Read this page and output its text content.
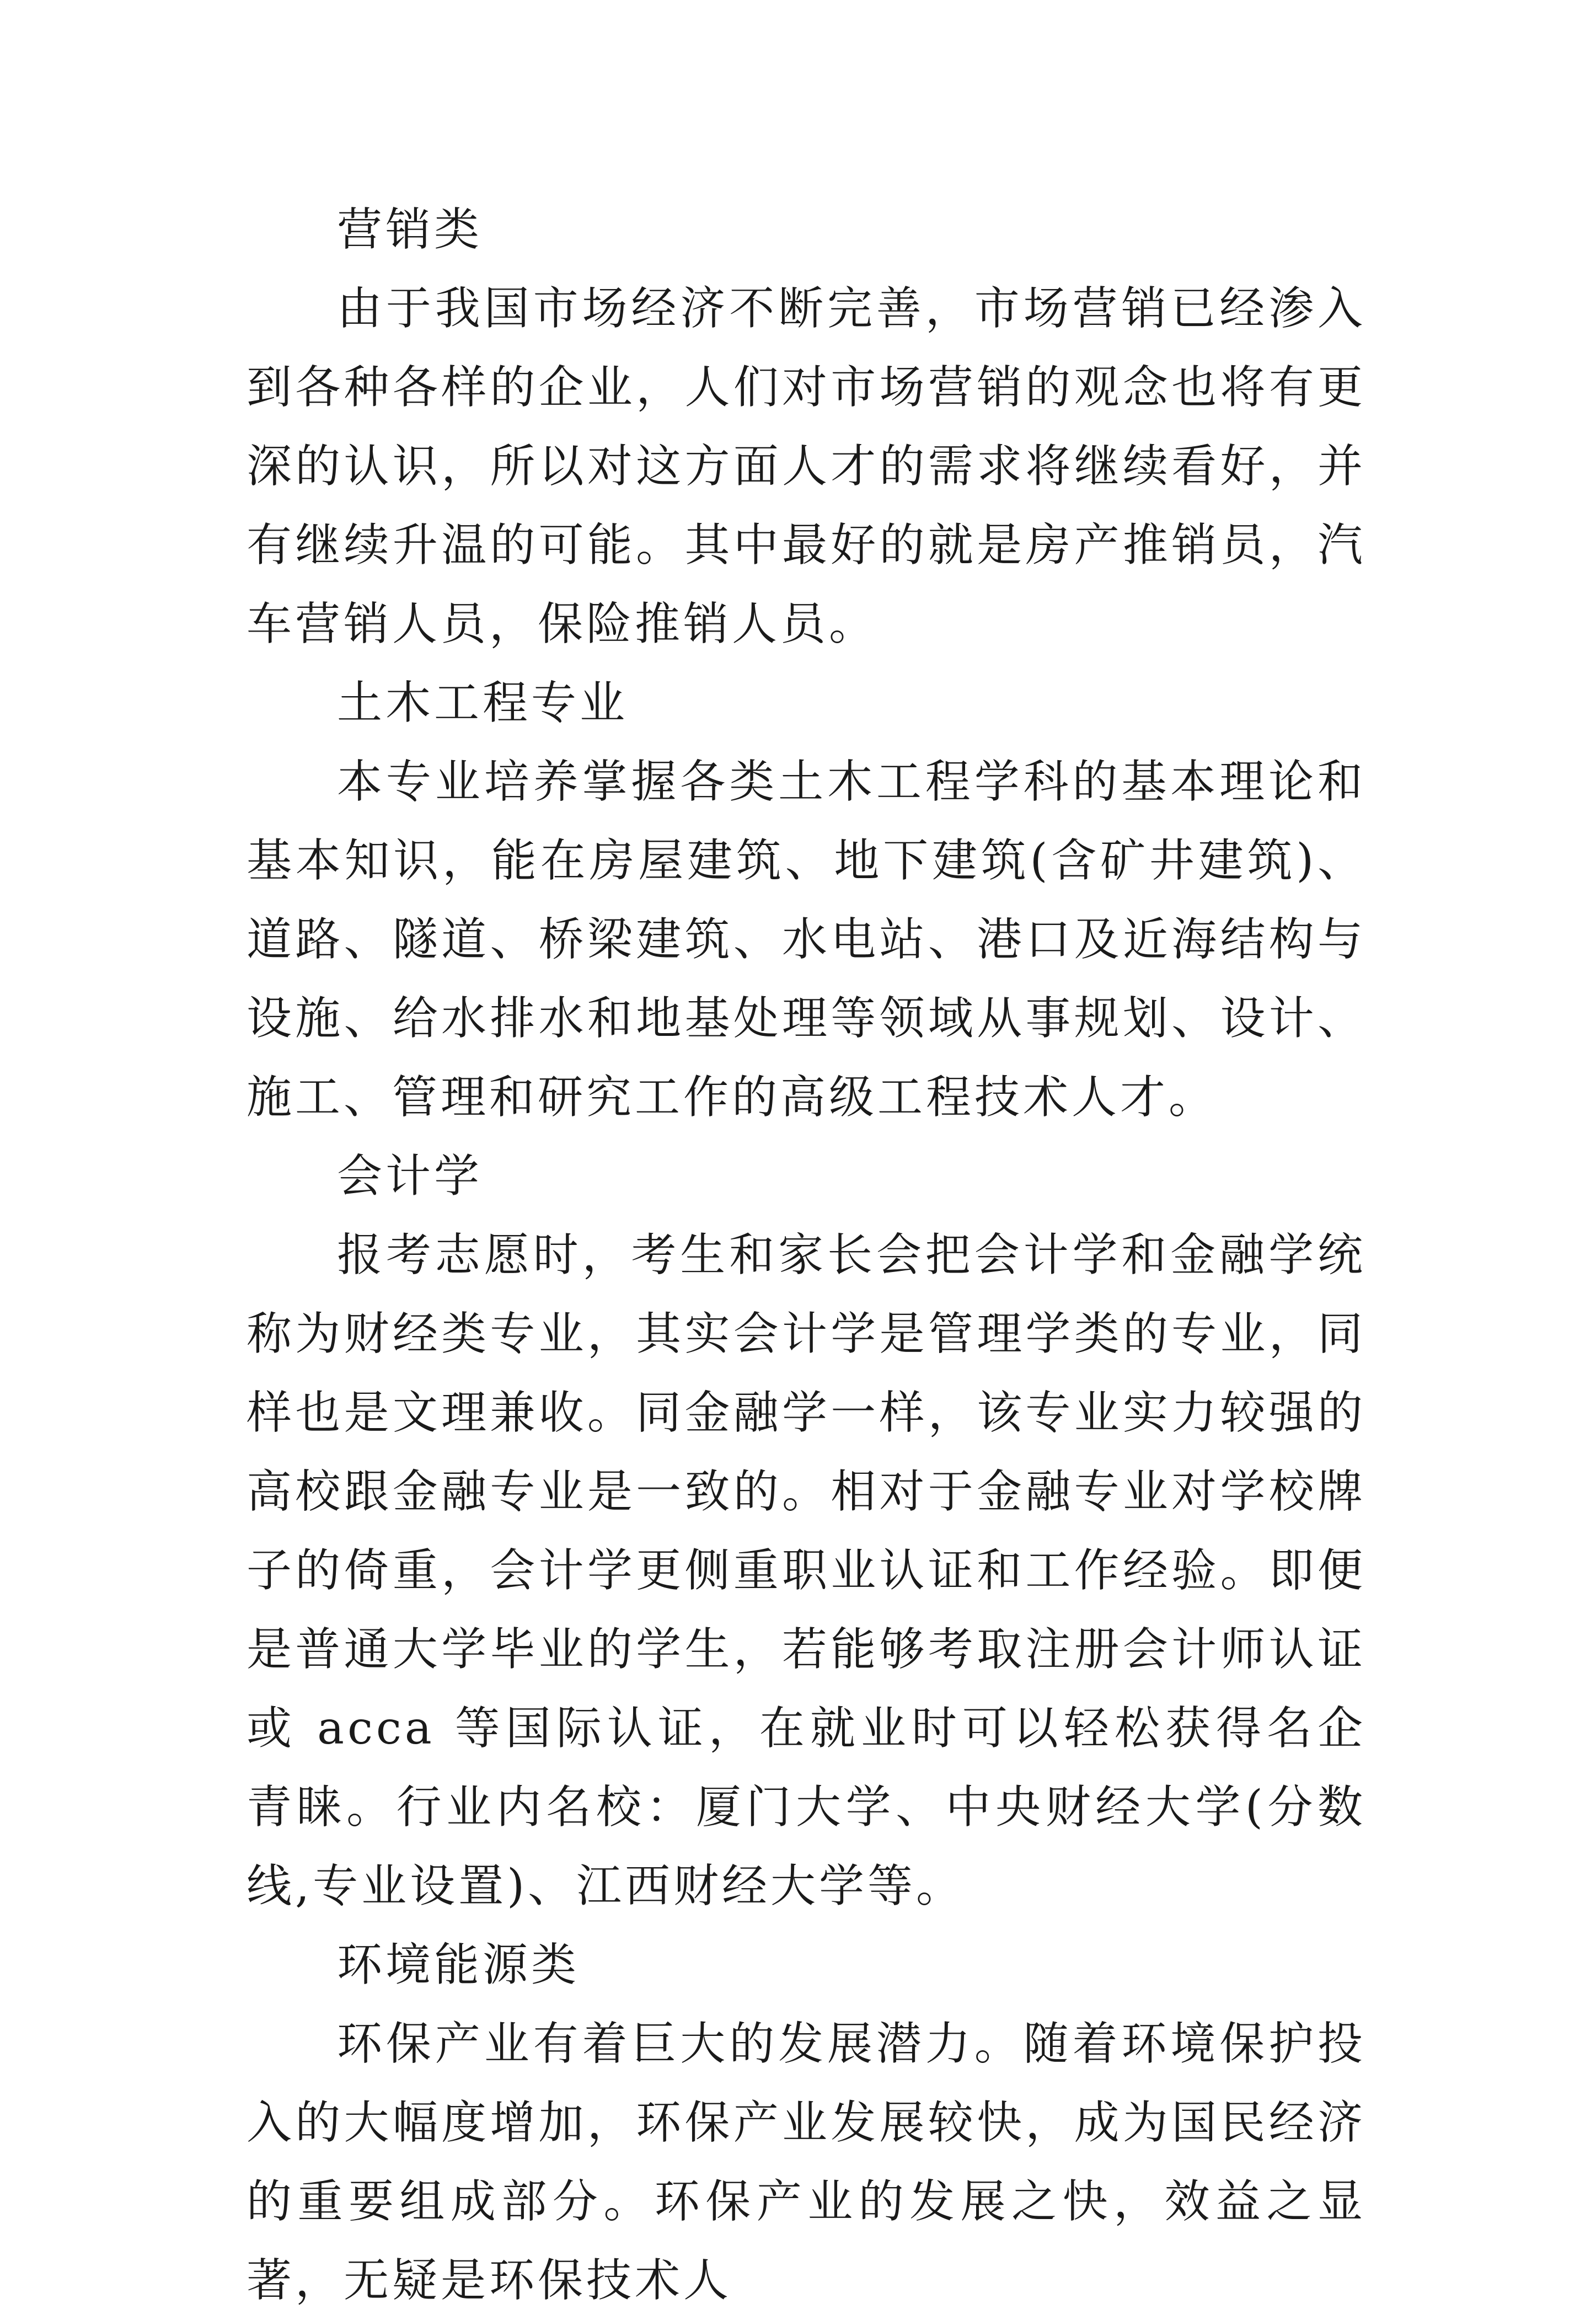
营销类

由于我国市场经济不断完善，市场营销已经渗入到各种各样的企业，人们对市场营销的观念也将有更深的认识，所以对这方面人才的需求将继续看好，并有继续升温的可能。其中最好的就是房产推销员，汽车营销人员，保险推销人员。

土木工程专业

本专业培养掌握各类土木工程学科的基本理论和基本知识，能在房屋建筑、地下建筑(含矿井建筑)、道路、隧道、桥梁建筑、水电站、港口及近海结构与设施、给水排水和地基处理等领域从事规划、设计、施工、管理和研究工作的高级工程技术人才。

会计学

报考志愿时，考生和家长会把会计学和金融学统称为财经类专业，其实会计学是管理学类的专业，同样也是文理兼收。同金融学一样，该专业实力较强的高校跟金融专业是一致的。相对于金融专业对学校牌子的倚重，会计学更侧重职业认证和工作经验。即便是普通大学毕业的学生，若能够考取注册会计师认证或 acca 等国际认证，在就业时可以轻松获得名企青睐。行业内名校：厦门大学、中央财经大学(分数线,专业设置)、江西财经大学等。

环境能源类

环保产业有着巨大的发展潜力。随着环境保护投入的大幅度增加，环保产业发展较快，成为国民经济的重要组成部分。环保产业的发展之快，效益之显著，无疑是环保技术人
